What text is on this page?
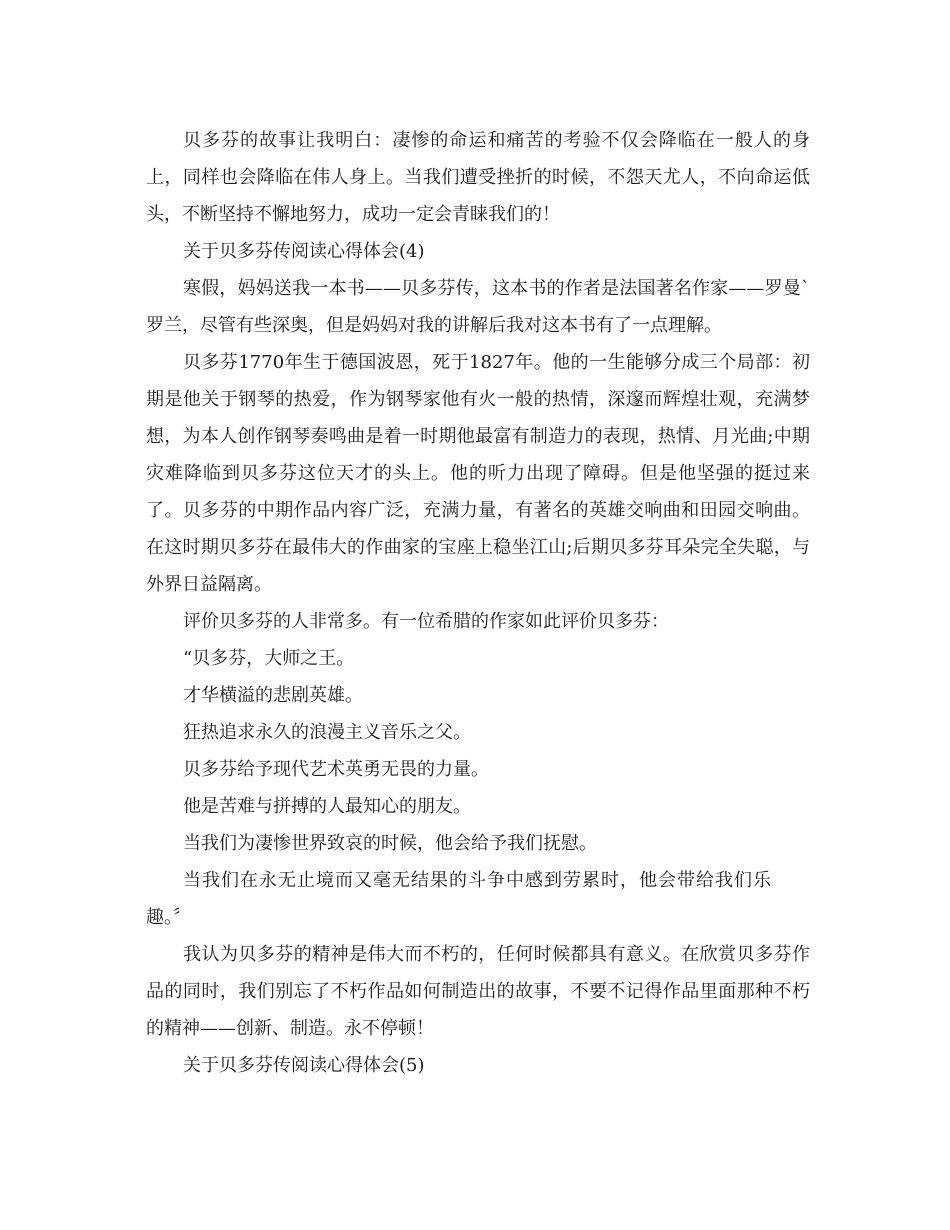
贝多芬的故事让我明白：凄惨的命运和痛苦的考验不仅会降临在一般人的身上，同样也会降临在伟人身上。当我们遭受挫折的时候，不怨天尤人，不向命运低头，不断坚持不懈地努力，成功一定会青睐我们的！

关于贝多芬传阅读心得体会(4)

寒假，妈妈送我一本书——贝多芬传，这本书的作者是法国著名作家——罗曼`罗兰，尽管有些深奥，但是妈妈对我的讲解后我对这本书有了一点理解。

贝多芬1770年生于德国波恩，死于1827年。他的一生能够分成三个局部：初期是他关于钢琴的热爱，作为钢琴家他有火一般的热情，深邃而辉煌壮观，充满梦想，为本人创作钢琴奏鸣曲是着一时期他最富有制造力的表现，热情、月光曲;中期灾难降临到贝多芬这位天才的头上。他的听力出现了障碍。但是他坚强的挺过来了。贝多芬的中期作品内容广泛，充满力量，有著名的英雄交响曲和田园交响曲。在这时期贝多芬在最伟大的作曲家的宝座上稳坐江山;后期贝多芬耳朵完全失聪，与外界日益隔离。

评价贝多芬的人非常多。有一位希腊的作家如此评价贝多芬：

“贝多芬，大师之王。

才华横溢的悲剧英雄。

狂热追求永久的浪漫主义音乐之父。

贝多芬给予现代艺术英勇无畏的力量。

他是苦难与拼搏的人最知心的朋友。

当我们为凄惨世界致哀的时候，他会给予我们抚慰。

当我们在永无止境而又毫无结果的斗争中感到劳累时，他会带给我们乐趣。〞

我认为贝多芬的精神是伟大而不朽的，任何时候都具有意义。在欣赏贝多芬作品的同时，我们别忘了不朽作品如何制造出的故事，不要不记得作品里面那种不朽的精神——创新、制造。永不停顿！

关于贝多芬传阅读心得体会(5)
